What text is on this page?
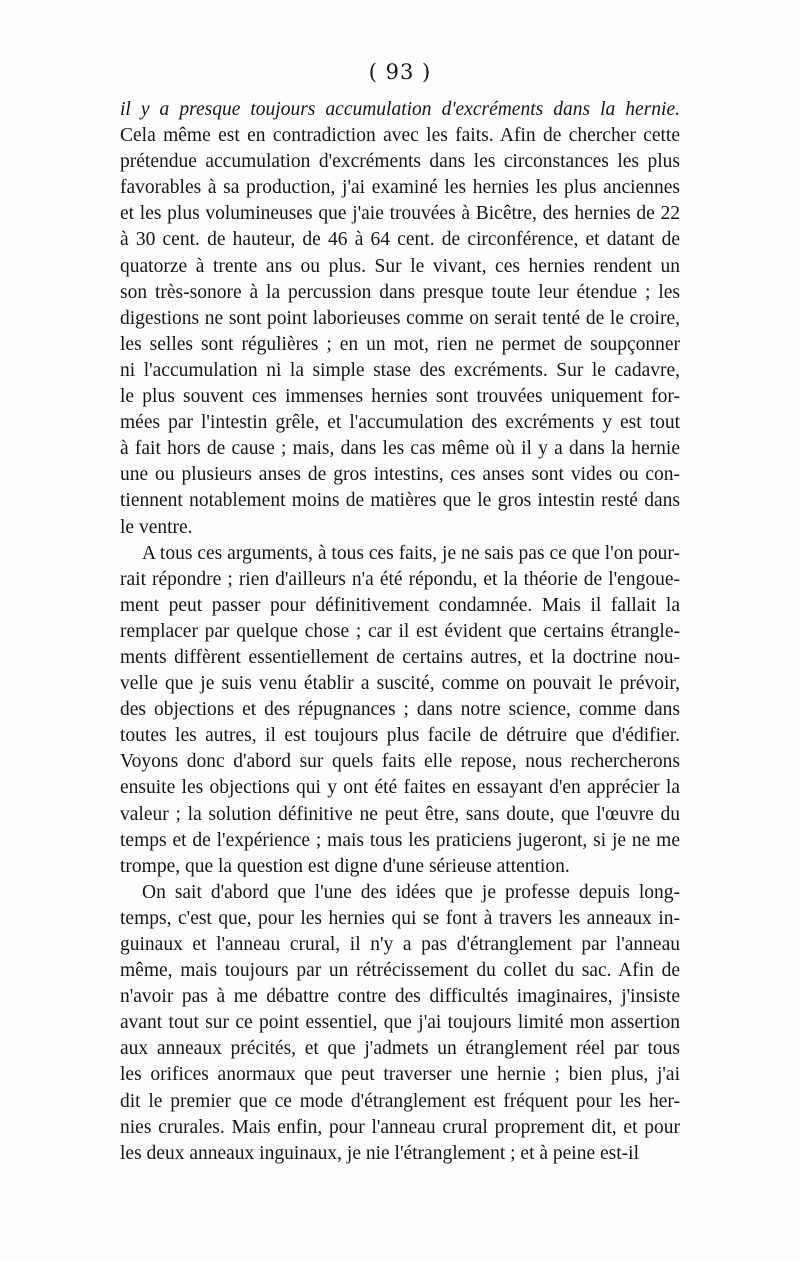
( 93 )

il y a presque toujours accumulation d'excréments dans la hernie.
Cela même est en contradiction avec les faits. Afin de chercher cette
prétendue accumulation d'excréments dans les circonstances les plus
favorables à sa production, j'ai examiné les hernies les plus anciennes
et les plus volumineuses que j'aie trouvées à Bicêtre, des hernies de 22
à 30 cent. de hauteur, de 46 à 64 cent. de circonférence, et datant de
quatorze à trente ans ou plus. Sur le vivant, ces hernies rendent un
son très-sonore à la percussion dans presque toute leur étendue ; les
digestions ne sont point laborieuses comme on serait tenté de le croire,
les selles sont régulières ; en un mot, rien ne permet de soupçonner
ni l'accumulation ni la simple stase des excréments. Sur le cadavre,
le plus souvent ces immenses hernies sont trouvées uniquement for-
mées par l'intestin grêle, et l'accumulation des excréments y est tout
à fait hors de cause ; mais, dans les cas même où il y a dans la hernie
une ou plusieurs anses de gros intestins, ces anses sont vides ou con-
tiennent notablement moins de matières que le gros intestin resté dans
le ventre.

A tous ces arguments, à tous ces faits, je ne sais pas ce que l'on pour-
rait répondre ; rien d'ailleurs n'a été répondu, et la théorie de l'engoue-
ment peut passer pour définitivement condamnée. Mais il fallait la
remplacer par quelque chose ; car il est évident que certains étrangle-
ments diffèrent essentiellement de certains autres, et la doctrine nou-
velle que je suis venu établir a suscité, comme on pouvait le prévoir,
des objections et des répugnances ; dans notre science, comme dans
toutes les autres, il est toujours plus facile de détruire que d'édifier.
Voyons donc d'abord sur quels faits elle repose, nous rechercherons
ensuite les objections qui y ont été faites en essayant d'en apprécier la
valeur ; la solution définitive ne peut être, sans doute, que l'œuvre du
temps et de l'expérience ; mais tous les praticiens jugeront, si je ne me
trompe, que la question est digne d'une sérieuse attention.

On sait d'abord que l'une des idées que je professe depuis long-
temps, c'est que, pour les hernies qui se font à travers les anneaux in-
guinaux et l'anneau crural, il n'y a pas d'étranglement par l'anneau
même, mais toujours par un rétrécissement du collet du sac. Afin de
n'avoir pas à me débattre contre des difficultés imaginaires, j'insiste
avant tout sur ce point essentiel, que j'ai toujours limité mon assertion
aux anneaux précités, et que j'admets un étranglement réel par tous
les orifices anormaux que peut traverser une hernie ; bien plus, j'ai
dit le premier que ce mode d'étranglement est fréquent pour les her-
nies crurales. Mais enfin, pour l'anneau crural proprement dit, et pour
les deux anneaux inguinaux, je nie l'étranglement ; et à peine est-il
